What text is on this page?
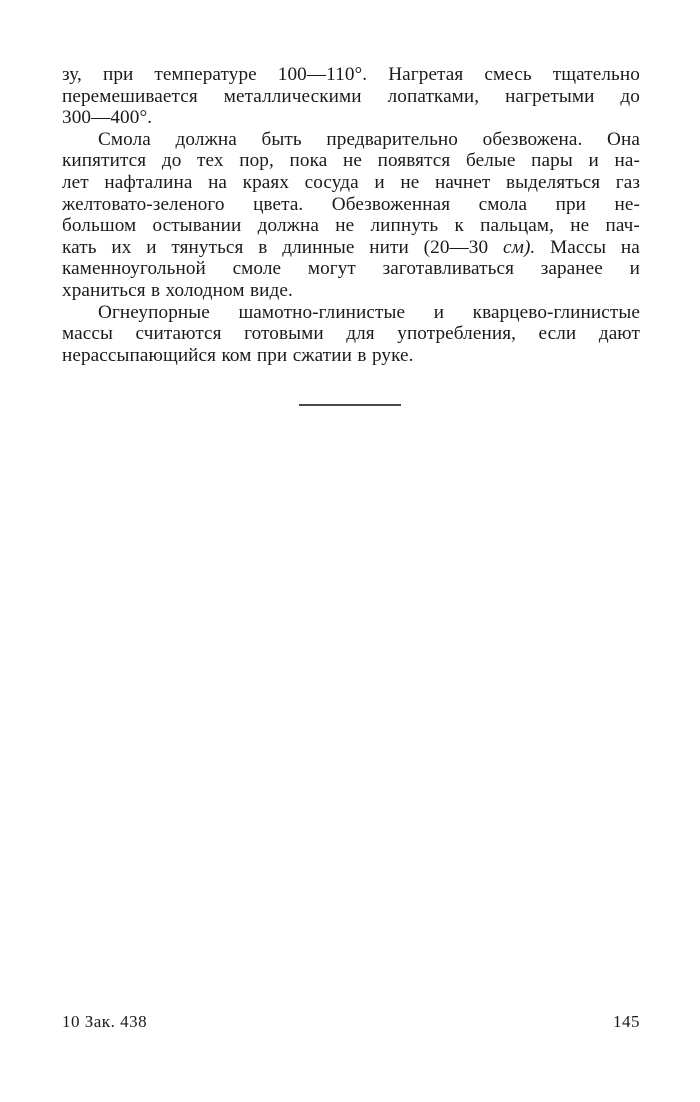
зу, при температуре 100—110°. Нагретая смесь тщательно
перемешивается металлическими лопатками, нагретыми до
300—400°.
Смола должна быть предварительно обезвожена. Она
кипятится до тех пор, пока не появятся белые пары и на-
лет нафталина на краях сосуда и не начнет выделяться газ
желтовато-зеленого цвета. Обезвоженная смола при не-
большом остывании должна не липнуть к пальцам, не пач-
кать их и тянуться в длинные нити (20—30 см). Массы на
каменноугольной смоле могут заготавливаться заранее и
храниться в холодном виде.
Огнеупорные шамотно-глинистые и кварцево-глинистые
массы считаются готовыми для употребления, если дают
нерассыпающийся ком при сжатии в руке.
10 Зак. 438	145
